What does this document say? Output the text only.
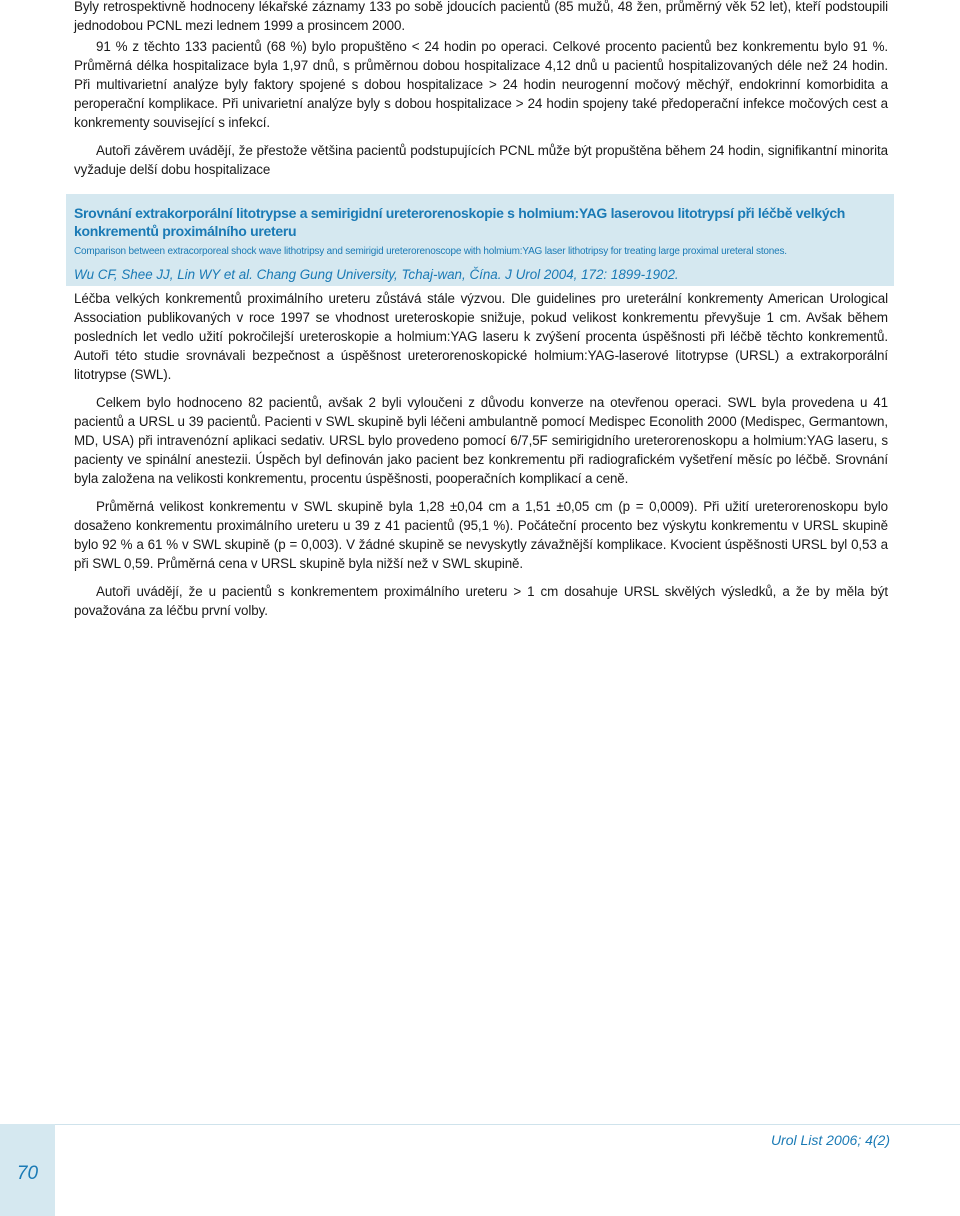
Byly retrospektivně hodnoceny lékařské záznamy 133 po sobě jdoucích pacientů (85 mužů, 48 žen, průměrný věk 52 let), kteří podstoupili jednodobou PCNL mezi lednem 1999 a prosincem 2000.

91 % z těchto 133 pacientů (68 %) bylo propuštěno < 24 hodin po operaci. Celkové procento pacientů bez konkrementu bylo 91 %. Průměrná délka hospitalizace byla 1,97 dnů, s průměrnou dobou hospitalizace 4,12 dnů u pacientů hospitalizovaných déle než 24 hodin. Při multivarietní analýze byly faktory spojené s dobou hospitalizace > 24 hodin neurogenní močový měchýř, endokrinní komorbidita a peroperační komplikace. Při univarietní analýze byly s dobou hospitalizace > 24 hodin spojeny také předoperační infekce močových cest a konkrementy související s infekcí.

Autoři závěrem uvádějí, že přestože většina pacientů podstupujících PCNL může být propuštěna během 24 hodin, signifikantní minorita vyžaduje delší dobu hospitalizace

Srovnání extrakorporální litotrypse a semirigidní ureterorenoskopie s holmium:YAG laserovou litotrypsí při léčbě velkých konkrementů proximálního ureteru

Comparison between extracorporeal shock wave lithotripsy and semirigid ureterorenoscope with holmium:YAG laser lithotripsy for treating large proximal ureteral stones.

Wu CF, Shee JJ, Lin WY et al. Chang Gung University, Tchaj-wan, Čína. J Urol 2004, 172: 1899-1902.

Léčba velkých konkrementů proximálního ureteru zůstává stále výzvou. Dle guidelines pro ureterální konkrementy American Urological Association publikovaných v roce 1997 se vhodnost ureteroskopie snižuje, pokud velikost konkrementu převyšuje 1 cm. Avšak během posledních let vedlo užití pokročilejší ureteroskopie a holmium:YAG laseru k zvýšení procenta úspěšnosti při léčbě těchto konkrementů. Autoři této studie srovnávali bezpečnost a úspěšnost ureterorenoskopické holmium:YAG-laserové litotrypse (URSL) a extrakorporální litotrypse (SWL).

Celkem bylo hodnoceno 82 pacientů, avšak 2 byli vyloučeni z důvodu konverze na otevřenou operaci. SWL byla provedena u 41 pacientů a URSL u 39 pacientů. Pacienti v SWL skupině byli léčeni ambulantně pomocí Medispec Econolith 2000 (Medispec, Germantown, MD, USA) při intravenózní aplikaci sedativ. URSL bylo provedeno pomocí 6/7,5F semirigidního ureterorenoskopu a holmium:YAG laseru, s pacienty ve spinální anestezii. Úspěch byl definován jako pacient bez konkrementu při radiografickém vyšetření měsíc po léčbě. Srovnání byla založena na velikosti konkrementu, procentu úspěšnosti, pooperačních komplikací a ceně.

Průměrná velikost konkrementu v SWL skupině byla 1,28 ±0,04 cm a 1,51 ±0,05 cm (p = 0,0009). Při užití ureterorenoskopu bylo dosaženo konkrementu proximálního ureteru u 39 z 41 pacientů (95,1 %). Počáteční procento bez výskytu konkrementu v URSL skupině bylo 92 % a 61 % v SWL skupině (p = 0,003). V žádné skupině se nevyskytly závažnější komplikace. Kvocient úspěšnosti URSL byl 0,53 a při SWL 0,59. Průměrná cena v URSL skupině byla nižší než v SWL skupině.

Autoři uvádějí, že u pacientů s konkrementem proximálního ureteru > 1 cm dosahuje URSL skvělých výsledků, a že by měla být považována za léčbu první volby.

70
Urol List 2006; 4(2)
